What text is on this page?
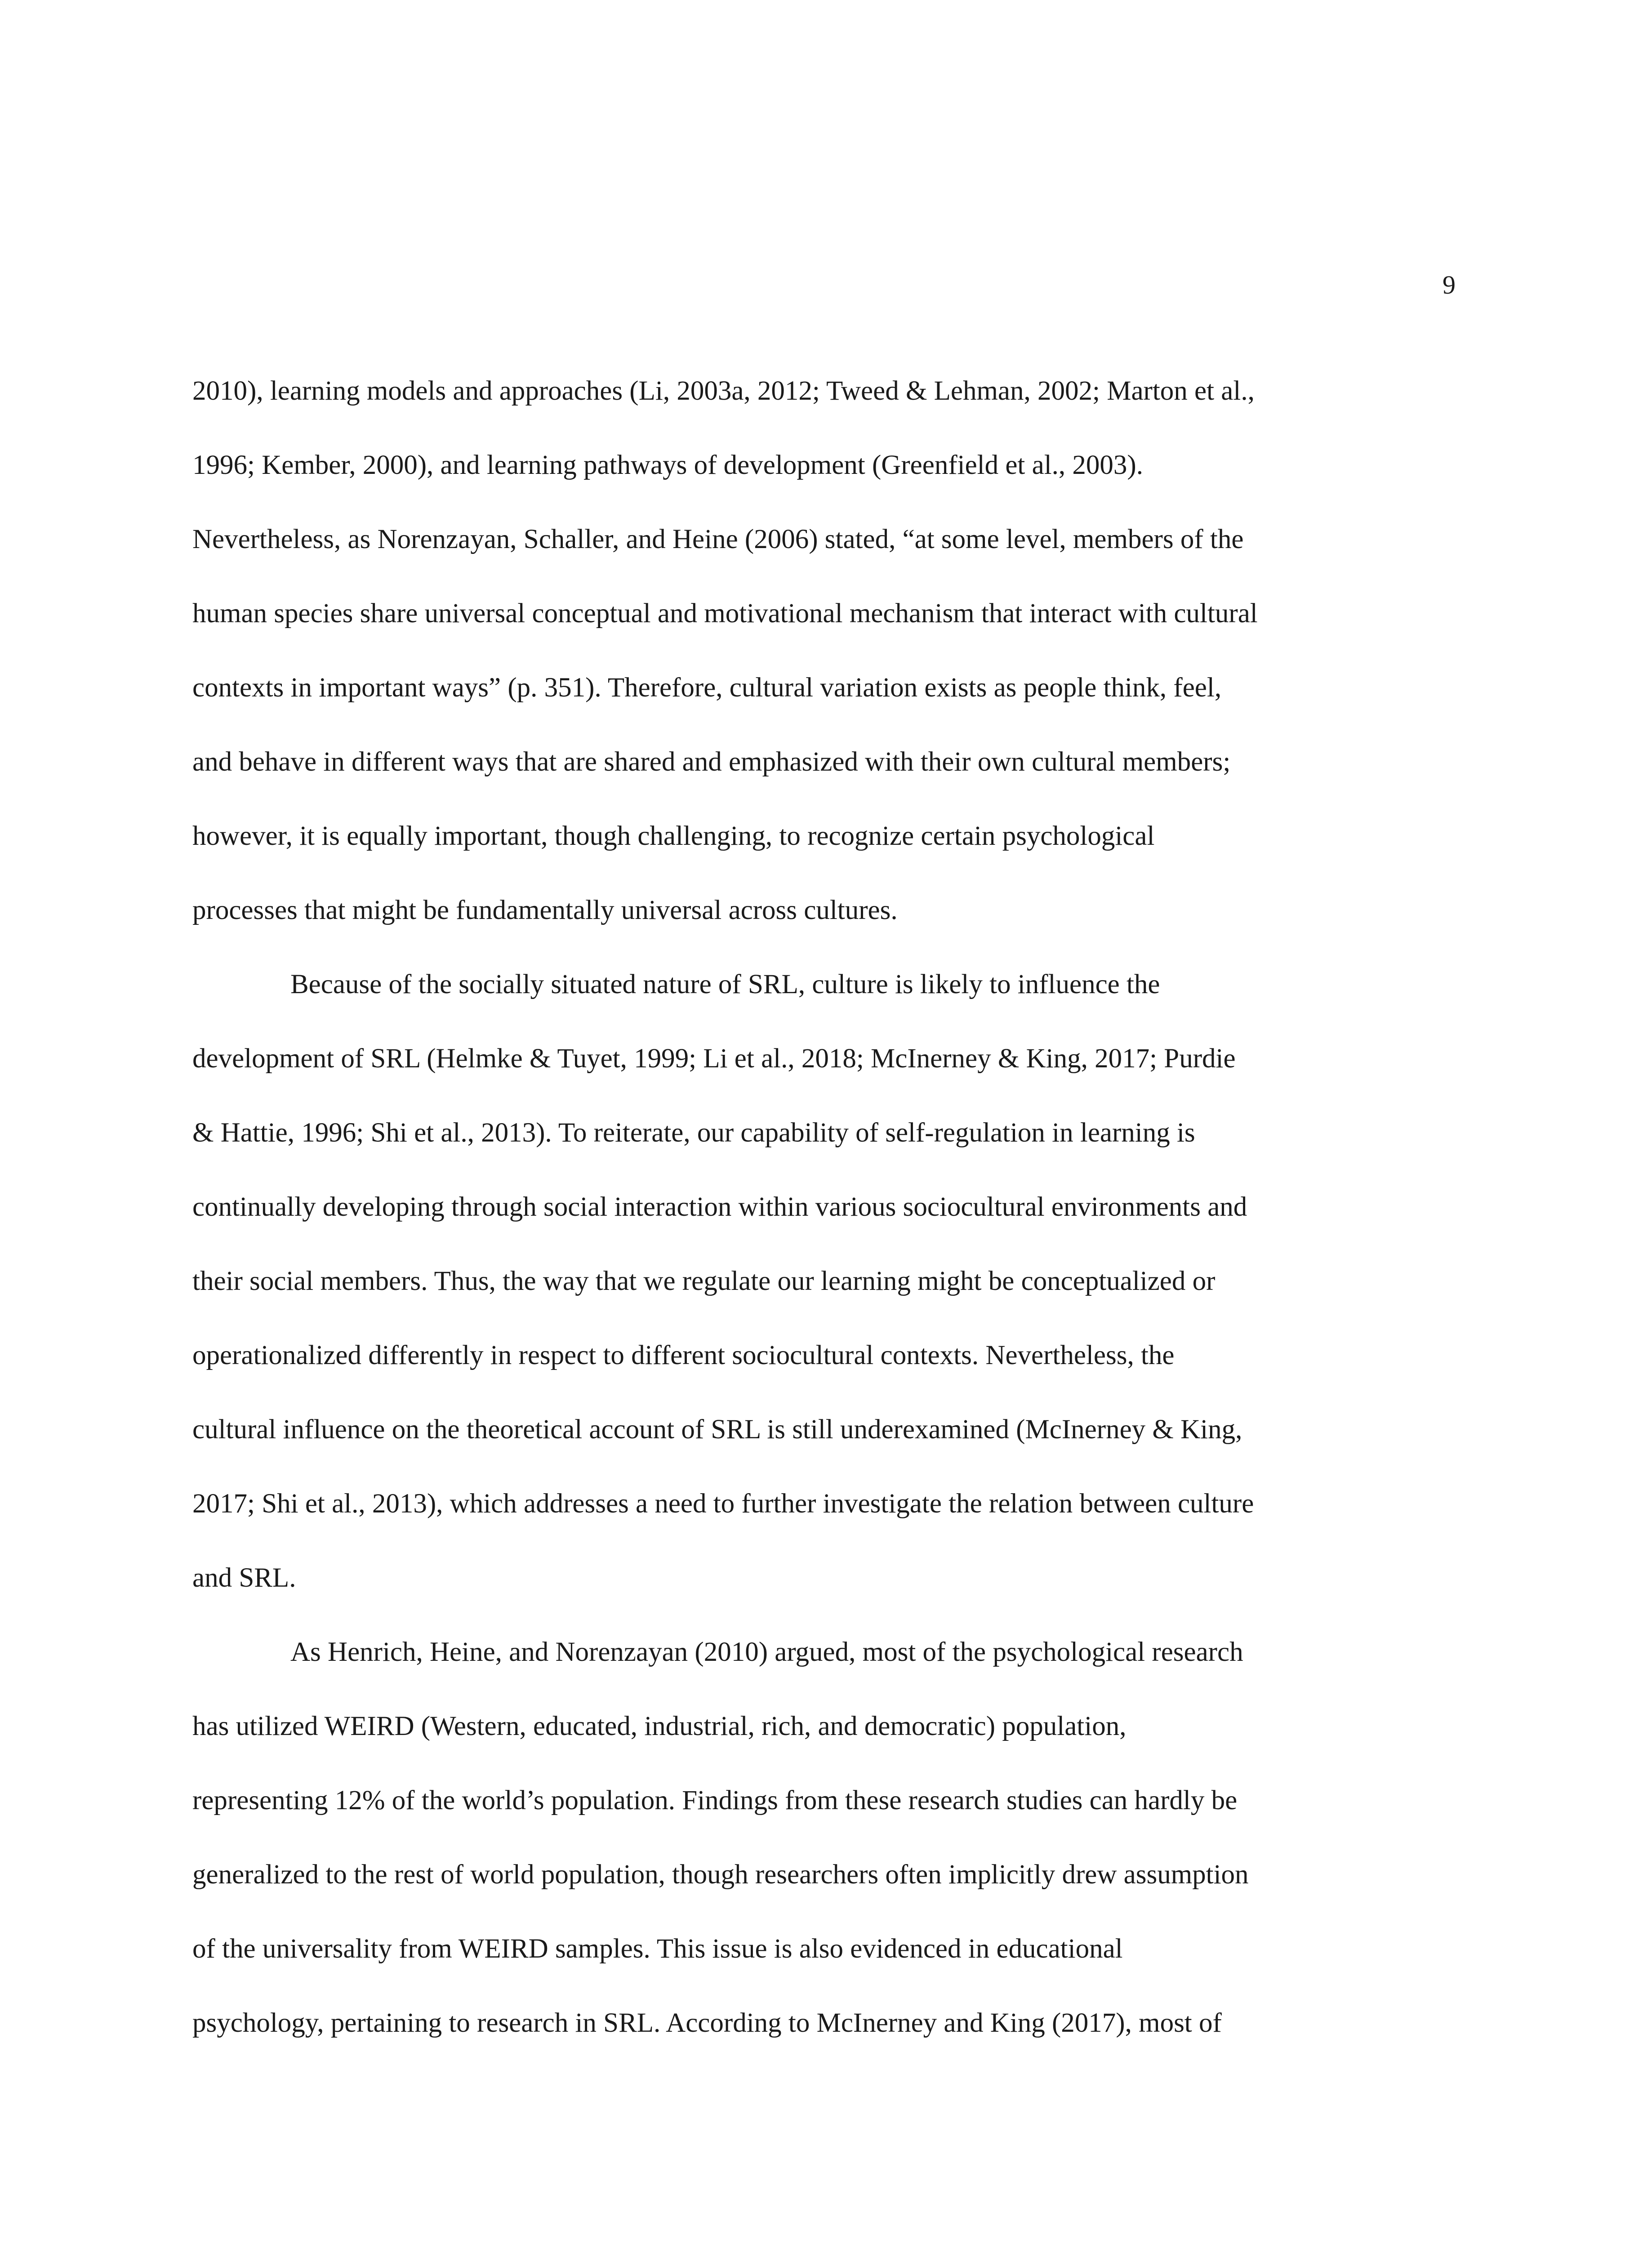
9
2010), learning models and approaches (Li, 2003a, 2012; Tweed & Lehman, 2002; Marton et al.,
1996; Kember, 2000), and learning pathways of development (Greenfield et al., 2003).
Nevertheless, as Norenzayan, Schaller, and Heine (2006) stated, “at some level, members of the
human species share universal conceptual and motivational mechanism that interact with cultural
contexts in important ways” (p. 351). Therefore, cultural variation exists as people think, feel,
and behave in different ways that are shared and emphasized with their own cultural members;
however, it is equally important, though challenging, to recognize certain psychological
processes that might be fundamentally universal across cultures.
Because of the socially situated nature of SRL, culture is likely to influence the
development of SRL (Helmke & Tuyet, 1999; Li et al., 2018; McInerney & King, 2017; Purdie
& Hattie, 1996; Shi et al., 2013). To reiterate, our capability of self-regulation in learning is
continually developing through social interaction within various sociocultural environments and
their social members. Thus, the way that we regulate our learning might be conceptualized or
operationalized differently in respect to different sociocultural contexts. Nevertheless, the
cultural influence on the theoretical account of SRL is still underexamined (McInerney & King,
2017; Shi et al., 2013), which addresses a need to further investigate the relation between culture
and SRL.
As Henrich, Heine, and Norenzayan (2010) argued, most of the psychological research
has utilized WEIRD (Western, educated, industrial, rich, and democratic) population,
representing 12% of the world’s population. Findings from these research studies can hardly be
generalized to the rest of world population, though researchers often implicitly drew assumption
of the universality from WEIRD samples. This issue is also evidenced in educational
psychology, pertaining to research in SRL. According to McInerney and King (2017), most of
